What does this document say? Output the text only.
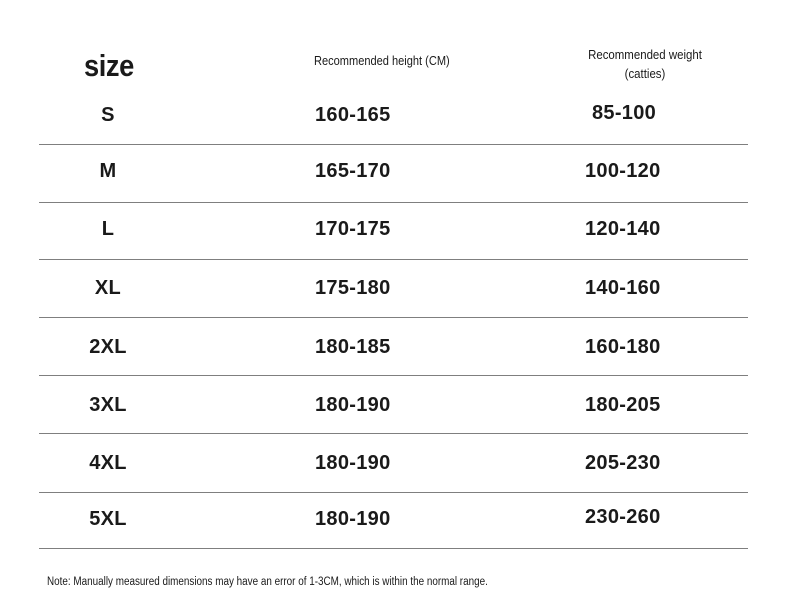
size	Recommended height (CM)	Recommended weight
(catties)
S	160-165	85-100
M	165-170	100-120
L	170-175	120-140
XL	175-180	140-160
2XL	180-185	160-180
3XL	180-190	180-205
4XL	180-190	205-230
5XL	180-190	230-260
Note: Manually measured dimensions may have an error of 1-3CM, which is within the normal range.
